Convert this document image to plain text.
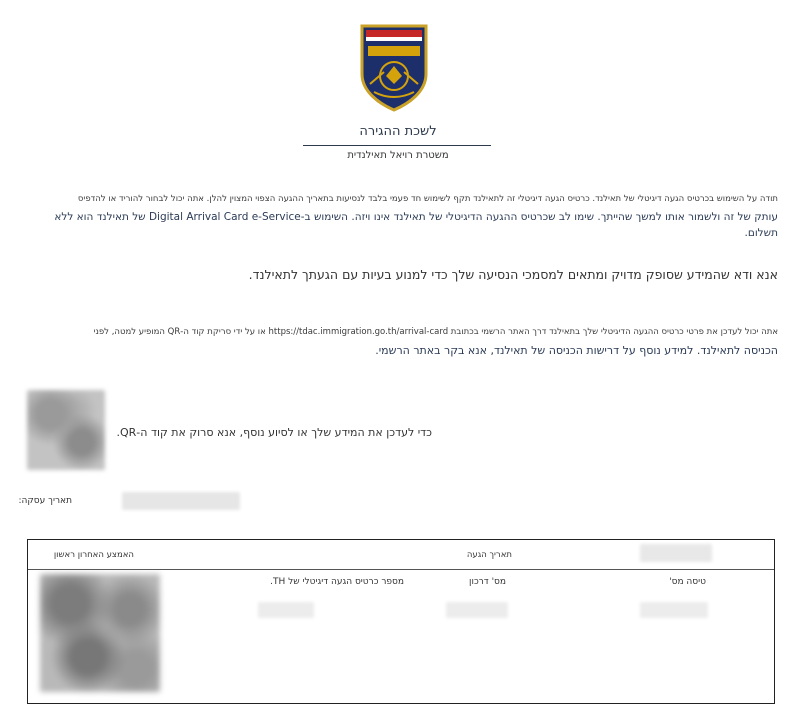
לשכת ההגירה
משטרת רויאל תאילנדית
תודה על השימוש בכרטיס הגעה דיגיטלי של תאילנד. כרטיס הגעה דיגיטלי זה לתאילנד תקף לשימוש חד פעמי בלבד לנסיעות בתאריך ההגעה הצפוי המצוין להלן. אתה יכול לבחור להוריד או להדפיס
עותק של זה ולשמור אותו למשך שהייתך. שימו לב שכרטיס ההגעה הדיגיטלי של תאילנד אינו ויזה. השימוש ב-Digital Arrival Card e-Service של תאילנד הוא ללא תשלום.
אנא ודא שהמידע שסופק מדויק ומתאים למסמכי הנסיעה שלך כדי למנוע בעיות עם הגעתך לתאילנד.
אתה יכול לעדכן את פרטי כרטיס ההגעה הדיגיטלי שלך בתאילנד דרך האתר הרשמי בכתובת https://tdac.immigration.go.th/arrival-card או על ידי סריקת קוד ה-QR המופיע למטה, לפני
הכניסה לתאילנד. למידע נוסף על דרישות הכניסה של תאילנד, אנא בקר באתר הרשמי.
כדי לעדכן את המידע שלך או לסיוע נוסף, אנא סרוק את קוד ה-QR.
תאריך עסקה:
האמצע האחרון ראשון	תאריך הגעה
טיסה מס'
מס' דרכון
מספר כרטיס הגעה דיגיטלי של TH.
